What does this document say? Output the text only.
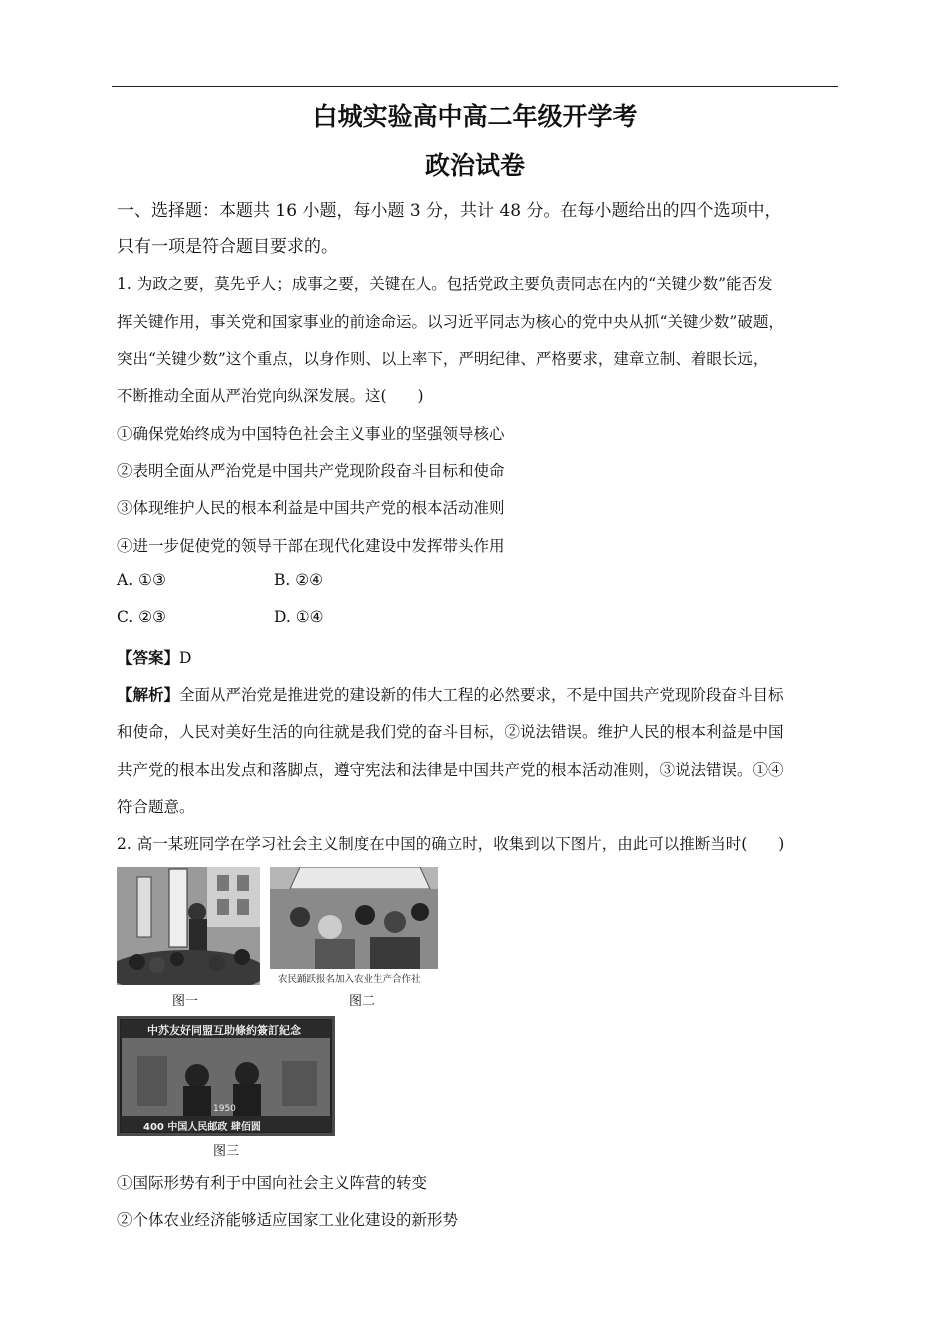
白城实验高中高二年级开学考
政治试卷
一、选择题：本题共 16 小题，每小题 3 分，共计 48 分。在每小题给出的四个选项中，
只有一项是符合题目要求的。
1. 为政之要，莫先乎人；成事之要，关键在人。包括党政主要负责同志在内的“关键少数”能否发
挥关键作用，事关党和国家事业的前途命运。以习近平同志为核心的党中央从抓“关键少数”破题，
突出“关键少数”这个重点，以身作则、以上率下，严明纪律、严格要求，建章立制、着眼长远，
不断推动全面从严治党向纵深发展。这(　　)
①确保党始终成为中国特色社会主义事业的坚强领导核心
②表明全面从严治党是中国共产党现阶段奋斗目标和使命
③体现维护人民的根本利益是中国共产党的根本活动准则
④进一步促使党的领导干部在现代化建设中发挥带头作用
A. ①③	B. ②④
C. ②③	D. ①④
【答案】D
【解析】全面从严治党是推进党的建设新的伟大工程的必然要求，不是中国共产党现阶段奋斗目标
和使命，人民对美好生活的向往就是我们党的奋斗目标，②说法错误。维护人民的根本利益是中国
共产党的根本出发点和落脚点，遵守宪法和法律是中国共产党的根本活动准则，③说法错误。①④
符合题意。
2. 高一某班同学在学习社会主义制度在中国的确立时，收集到以下图片，由此可以推断当时(　　)
图一
农民踊跃报名加入农业生产合作社
图二
中苏友好同盟互助條約簽訂紀念
1950
400 中国人民邮政 肆佰圆
图三
①国际形势有利于中国向社会主义阵营的转变
②个体农业经济能够适应国家工业化建设的新形势
